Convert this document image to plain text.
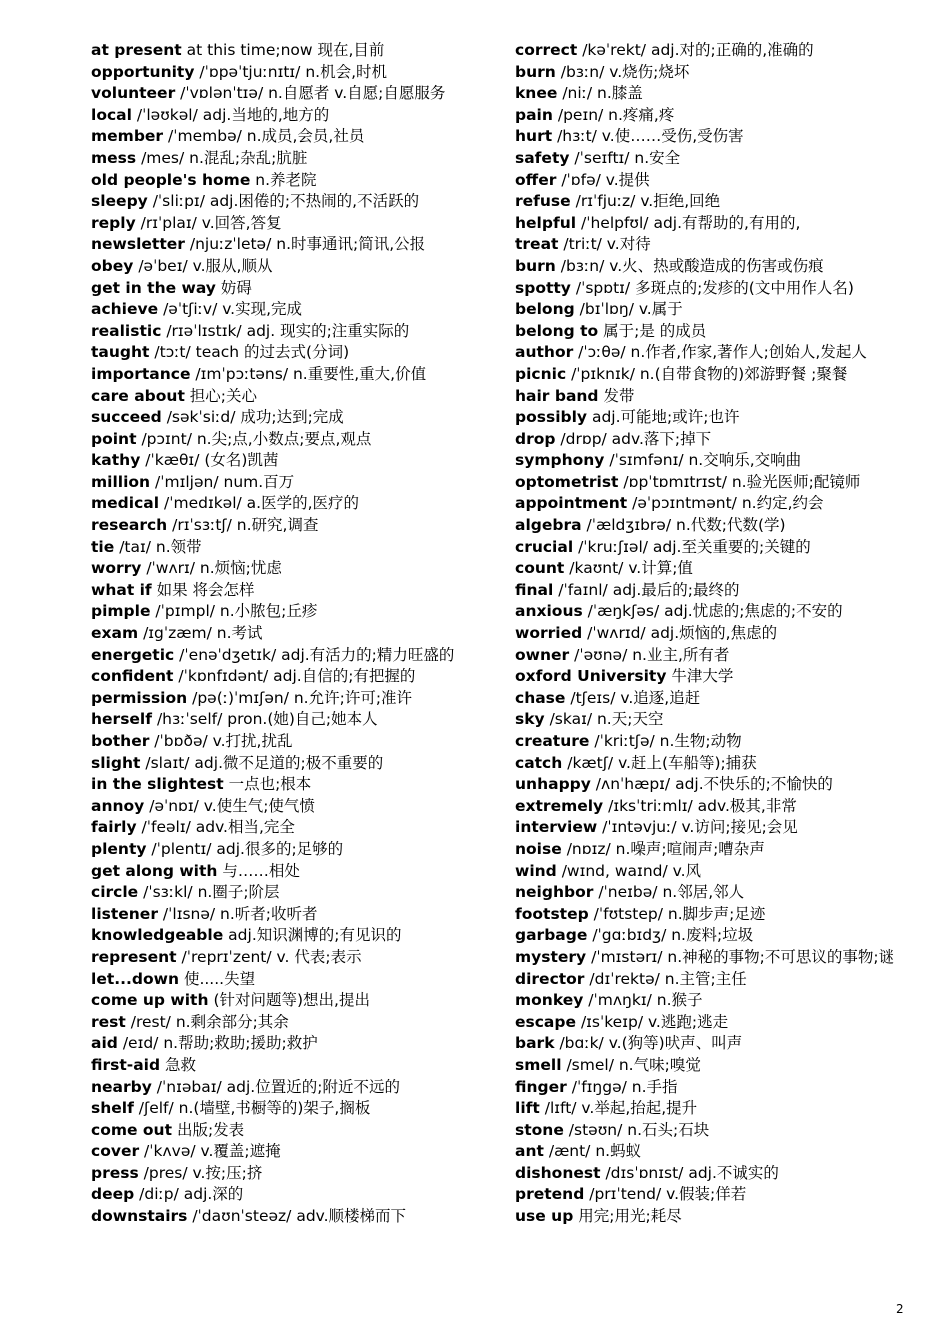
at present at this time;now 现在,目前

opportunity /ˈɒpəˈtjuːnɪtɪ/ n.机会,时机

volunteer /ˈvɒlənˈtɪə/ n.自愿者 v.自愿;自愿服务

local /ˈləʊkəl/ adj.当地的,地方的

member /ˈmembə/ n.成员,会员,社员

mess /mes/ n.混乱;杂乱;肮脏

old people's home n.养老院

sleepy /ˈsliːpɪ/ adj.困倦的;不热闹的,不活跃的

reply /rɪˈplaɪ/ v.回答,答复

newsletter /njuːzˈletə/ n.时事通讯;简讯,公报

obey /əˈbeɪ/ v.服从,顺从

get in the way 妨碍

achieve /əˈtʃiːv/ v.实现,完成

realistic /rɪəˈlɪstɪk/ adj. 现实的;注重实际的

taught /tɔːt/ teach 的过去式(分词)

importance /ɪmˈpɔːtəns/ n.重要性,重大,价值

care about 担心;关心

succeed /səkˈsiːd/ 成功;达到;完成

point /pɔɪnt/ n.尖;点,小数点;要点,观点

kathy /ˈkæθɪ/ (女名)凯茜

million /ˈmɪljən/ num.百万

medical /ˈmedɪkəl/ a.医学的,医疗的

research /rɪˈsɜːtʃ/ n.研究,调查

tie /taɪ/ n.领带

worry /ˈwʌrɪ/ n.烦恼;忧虑

what if 如果 将会怎样

pimple /ˈpɪmpl/ n.小脓包;丘疹

exam /ɪgˈzæm/ n.考试

energetic /ˈenəˈdʒetɪk/ adj.有活力的;精力旺盛的

confident /ˈkɒnfɪdənt/ adj.自信的;有把握的

permission /pə(ː)ˈmɪʃən/ n.允许;许可;准许

herself /hɜːˈself/ pron.(她)自己;她本人

bother /ˈbɒðə/ v.打扰,扰乱

slight /slaɪt/ adj.微不足道的;极不重要的

in the slightest 一点也;根本

annoy /əˈnɒɪ/ v.使生气;使气愤

fairly /ˈfeəlɪ/ adv.相当,完全

plenty /ˈplentɪ/ adj.很多的;足够的

get along with 与……相处

circle /ˈsɜːkl/ n.圈子;阶层

listener /ˈlɪsnə/ n.听者;收听者

knowledgeable adj.知识渊博的;有见识的

represent /ˈreprɪˈzent/ v. 代表;表示

let...down 使.....失望

come up with (针对问题等)想出,提出

rest /rest/ n.剩余部分;其余

aid /eɪd/ n.帮助;救助;援助;救护

first-aid 急救

nearby /ˈnɪəbaɪ/ adj.位置近的;附近不远的

shelf /ʃelf/ n.(墙壁,书橱等的)架子,搁板

come out 出版;发表

cover /ˈkʌvə/ v.覆盖;遮掩

press /pres/ v.按;压;挤

deep /diːp/ adj.深的

downstairs /ˈdaʊnˈsteəz/ adv.顺楼梯而下

correct /kəˈrekt/ adj.对的;正确的,准确的

burn /bɜːn/ v.烧伤;烧坏

knee /niː/ n.膝盖

pain /peɪn/ n.疼痛,疼

hurt /hɜːt/ v.使……受伤,受伤害

safety /ˈseɪftɪ/ n.安全

offer /ˈɒfə/ v.提供

refuse /rɪˈfjuːz/ v.拒绝,回绝

helpful /ˈhelpfʊl/ adj.有帮助的,有用的,

treat /triːt/ v.对待

burn /bɜːn/ v.火、热或酸造成的伤害或伤痕

spotty /ˈspɒtɪ/ 多斑点的;发疹的(文中用作人名)

belong /bɪˈlɒŋ/ v.属于

belong to 属于;是 的成员

author /ˈɔːθə/ n.作者,作家,著作人;创始人,发起人

picnic /ˈpɪknɪk/ n.(自带食物的)郊游野餐 ;聚餐

hair band 发带

possibly adj.可能地;或许;也许

drop /drɒp/ adv.落下;掉下

symphony /ˈsɪmfənɪ/ n.交响乐,交响曲

optometrist /ɒpˈtɒmɪtrɪst/ n.验光医师;配镜师

appointment /əˈpɔɪntmənt/ n.约定,约会

algebra /ˈældʒɪbrə/ n.代数;代数(学)

crucial /ˈkruːʃɪəl/ adj.至关重要的;关键的

count /kaʊnt/ v.计算;值

final /ˈfaɪnl/ adj.最后的;最终的

anxious /ˈæŋkʃəs/ adj.忧虑的;焦虑的;不安的

worried /ˈwʌrɪd/ adj.烦恼的,焦虑的

owner /ˈəʊnə/ n.业主,所有者

oxford University 牛津大学

chase /tʃeɪs/ v.追逐,追赶

sky /skaɪ/ n.天;天空

creature /ˈkriːtʃə/ n.生物;动物

catch /kætʃ/ v.赶上(车船等);捕获

unhappy /ʌnˈhæpɪ/ adj.不快乐的;不愉快的

extremely /ɪksˈtriːmlɪ/ adv.极其,非常

interview /ˈɪntəvjuː/ v.访问;接见;会见

noise /nɒɪz/ n.噪声;喧闹声;嘈杂声

wind /wɪnd, waɪnd/ v.风

neighbor /ˈneɪbə/ n.邻居,邻人

footstep /ˈfʊtstep/ n.脚步声;足迹

garbage /ˈgɑːbɪdʒ/ n.废料;垃圾

mystery /ˈmɪstərɪ/ n.神秘的事物;不可思议的事物;谜

director /dɪˈrektə/ n.主管;主任

monkey /ˈmʌŋkɪ/ n.猴子

escape /ɪsˈkeɪp/ v.逃跑;逃走

bark /bɑːk/ v.(狗等)吠声、叫声

smell /smel/ n.气味;嗅觉

finger /ˈfɪŋgə/ n.手指

lift /lɪft/ v.举起,抬起,提升

stone /stəʊn/ n.石头;石块

ant /ænt/ n.蚂蚁

dishonest /dɪsˈɒnɪst/ adj.不诚实的

pretend /prɪˈtend/ v.假装;佯若

use up 用完;用光;耗尽

2
